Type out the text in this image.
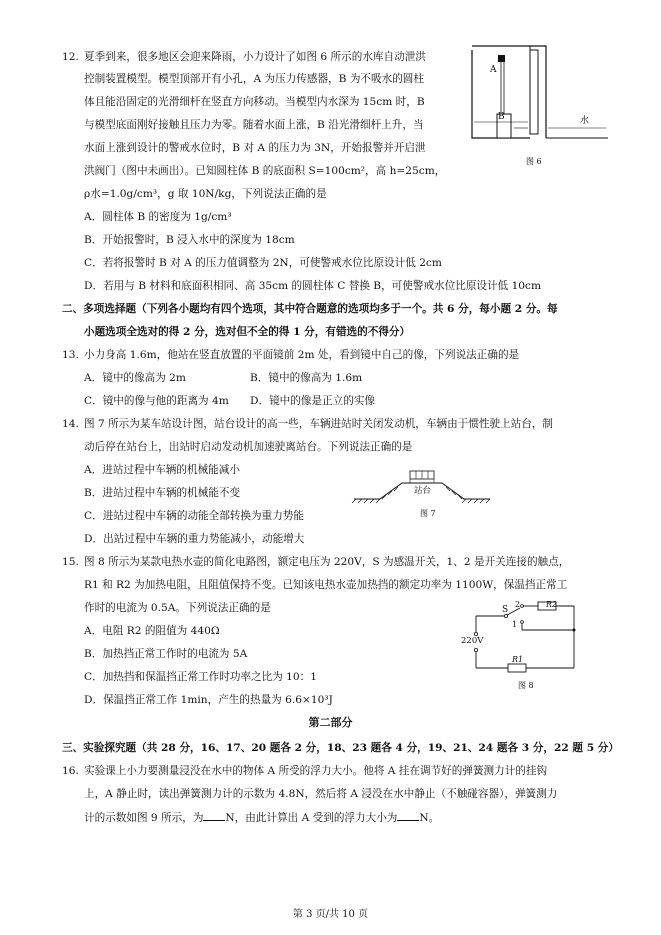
12. 夏季到来，很多地区会迎来降雨，小力设计了如图 6 所示的水库自动泄洪
控制装置模型。模型顶部开有小孔，A 为压力传感器，B 为不吸水的圆柱
体且能沿固定的光滑细杆在竖直方向移动。当模型内水深为 15cm 时，B
与模型底面刚好接触且压力为零。随着水面上涨，B 沿光滑细杆上升，当
水面上涨到设计的警戒水位时，B 对 A 的压力为 3N，开始报警并开启泄
洪阀门（图中未画出）。已知圆柱体 B 的底面积 S=100cm²，高 h=25cm，
ρ水=1.0g/cm³，g 取 10N/kg，下列说法正确的是
A．圆柱体 B 的密度为 1g/cm³
B．开始报警时，B 浸入水中的深度为 18cm
C．若将报警时 B 对 A 的压力值调整为 2N，可使警戒水位比原设计低 2cm
D．若用与 B 材料和底面积相同、高 35cm 的圆柱体 C 替换 B，可使警戒水位比原设计低 10cm
A
B	水
图 6
二、多项选择题（下列各小题均有四个选项，其中符合题意的选项均多于一个。共 6 分，每小题 2 分。每
小题选项全选对的得 2 分，选对但不全的得 1 分，有错选的不得分）
13. 小力身高 1.6m，他站在竖直放置的平面镜前 2m 处，看到镜中自己的像，下列说法正确的是
A．镜中的像高为 2m	B．镜中的像高为 1.6m
C．镜中的像与他的距离为 4m D．镜中的像是正立的实像
14. 图 7 所示为某车站设计图，站台设计的高一些，车辆进站时关闭发动机，车辆由于惯性驶上站台，制
动后停在站台上，出站时启动发动机加速驶离站台。下列说法正确的是
A．进站过程中车辆的机械能减小
B．进站过程中车辆的机械能不变
C．进站过程中车辆的动能全部转换为重力势能
D．出站过程中车辆的重力势能减小，动能增大
站台
图 7
15. 图 8 所示为某款电热水壶的简化电路图，额定电压为 220V，S 为感温开关，1、2 是开关连接的触点，
R1 和 R2 为加热电阻，且阻值保持不变。已知该电热水壶加热挡的额定功率为 1100W，保温挡正常工
作时的电流为 0.5A。下列说法正确的是
A．电阻 R2 的阻值为 440Ω
B．加热挡正常工作时的电流为 5A
C．加热挡和保温挡正常工作时功率之比为 10：1
D．保温挡正常工作 1min，产生的热量为 6.6×10³J
S
2
1
R2
220V
R1
图 8
第二部分
三、实验探究题（共 28 分，16、17、20 题各 2 分，18、23 题各 4 分，19、21、24 题各 3 分，22 题 5 分）
16. 实验课上小力要测量浸没在水中的物体 A 所受的浮力大小。他将 A 挂在调节好的弹簧测力计的挂钩
上，A 静止时，读出弹簧测力计的示数为 4.8N，然后将 A 浸没在水中静止（不触碰容器），弹簧测力
计的示数如图 9 所示，为 N，由此计算出 A 受到的浮力大小为 N。
第 3 页/共 10 页
